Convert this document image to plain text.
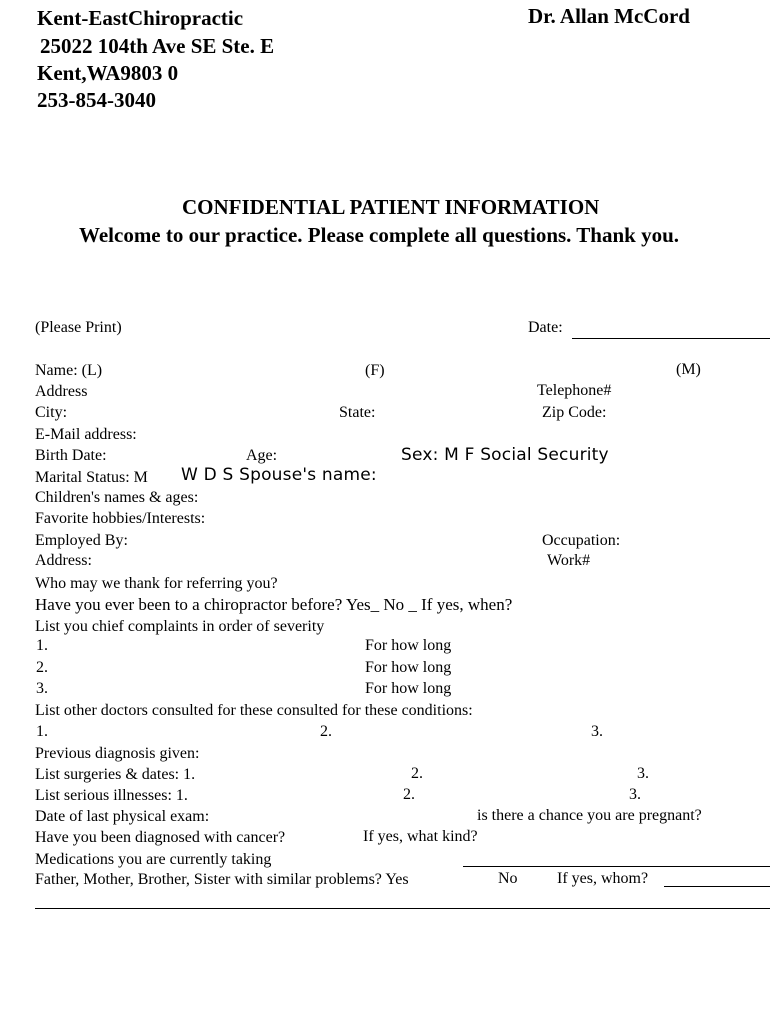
Kent-EastChiropractic
25022 104th Ave SE Ste. E
Kent,WA9803 0
253-854-3040
Dr. Allan McCord
CONFIDENTIAL PATIENT INFORMATION
Welcome to our practice. Please complete all questions. Thank you.
(Please Print)	Date:
Name: (L)	(F)	(M)
Address	Telephone#
City:	State:	Zip Code:
E-Mail address:
Birth Date:	Age:	Sex: M F Social Security
Marital Status: M W D S Spouse's name:
Children's names & ages:
Favorite hobbies/Interests:
Employed By:	Occupation:
Address:	Work#
Who may we thank for referring you?
Have you ever been to a chiropractor before? Yes_ No _ If yes, when?
List you chief complaints in order of severity
1.	For how long
2.	For how long
3.	For how long
List other doctors consulted for these consulted for these conditions:
1.	2.	3.
Previous diagnosis given:
List surgeries & dates: 1.	2.	3.
List serious illnesses: 1.	2.	3.
Date of last physical exam:	is there a chance you are pregnant?
Have you been diagnosed with cancer?	If yes, what kind?
Medications you are currently taking
Father, Mother, Brother, Sister with similar problems? Yes	No If yes, whom?
